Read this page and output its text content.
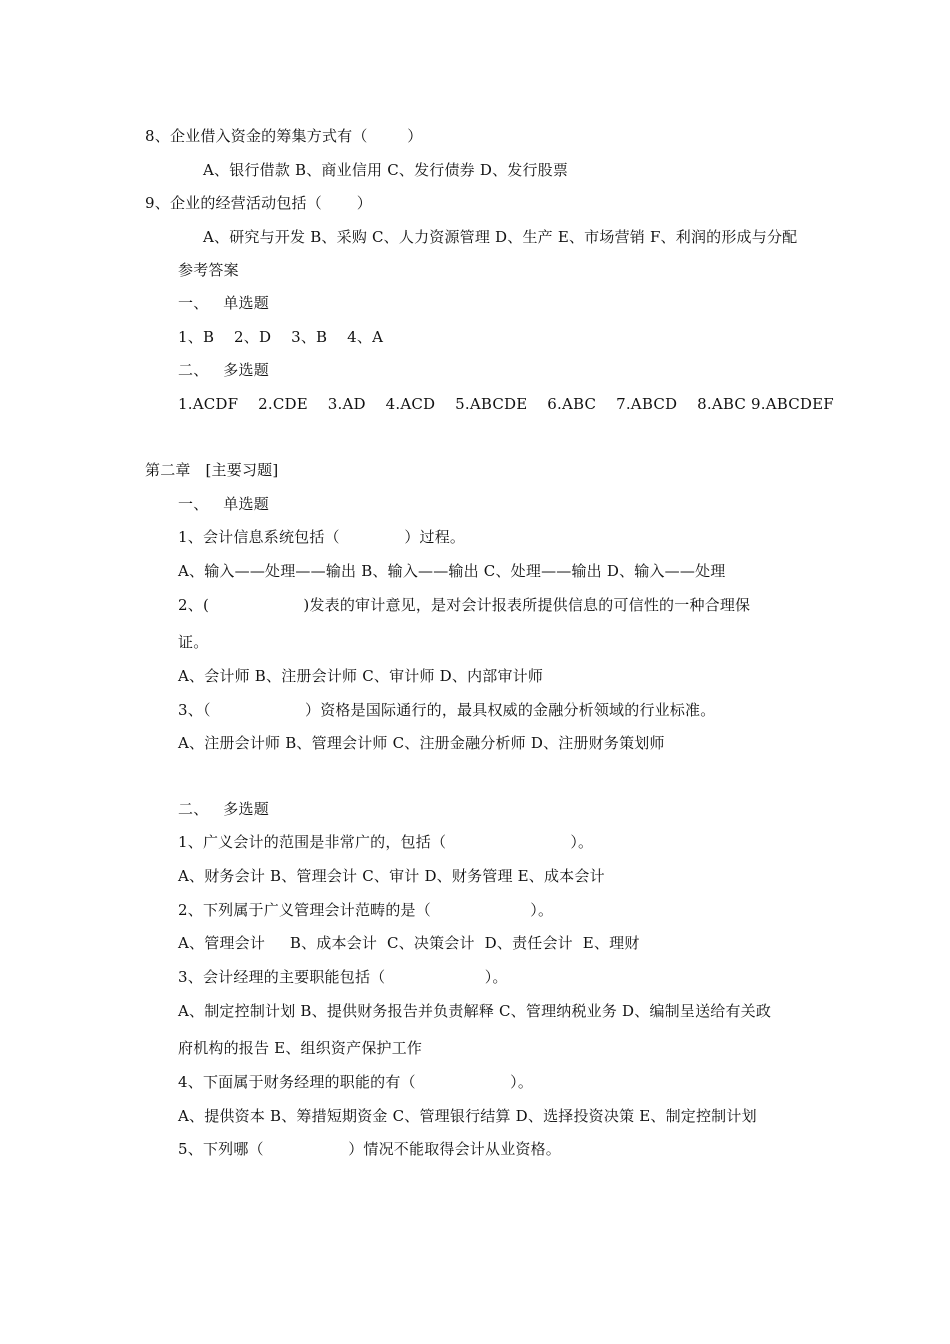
8、企业借入资金的筹集方式有（        ）
A、银行借款 B、商业信用 C、发行债券 D、发行股票
9、企业的经营活动包括（       ）
A、研究与开发 B、采购 C、人力资源管理 D、生产 E、市场营销 F、利润的形成与分配
参考答案
一、   单选题
1、B    2、D    3、B    4、A
二、   多选题
1.ACDF    2.CDE    3.AD    4.ACD    5.ABCDE    6.ABC    7.ABCD    8.ABC 9.ABCDEF
第二章   [主要习题]
一、   单选题
1、会计信息系统包括（             ）过程。
A、输入——处理——输出 B、输入——输出 C、处理——输出 D、输入——处理
2、(                   )发表的审计意见，是对会计报表所提供信息的可信性的一种合理保
证。
A、会计师 B、注册会计师 C、审计师 D、内部审计师
3、（                   ）资格是国际通行的，最具权威的金融分析领域的行业标准。
A、注册会计师 B、管理会计师 C、注册金融分析师 D、注册财务策划师
二、   多选题
1、广义会计的范围是非常广的，包括（                         ）。
A、财务会计 B、管理会计 C、审计 D、财务管理 E、成本会计
2、下列属于广义管理会计范畴的是（                    ）。
A、管理会计     B、成本会计  C、决策会计  D、责任会计  E、理财
3、会计经理的主要职能包括（                    ）。
A、制定控制计划 B、提供财务报告并负责解释 C、管理纳税业务 D、编制呈送给有关政
府机构的报告 E、组织资产保护工作
4、下面属于财务经理的职能的有（                   ）。
A、提供资本 B、筹措短期资金 C、管理银行结算 D、选择投资决策 E、制定控制计划
5、下列哪（                 ）情况不能取得会计从业资格。
